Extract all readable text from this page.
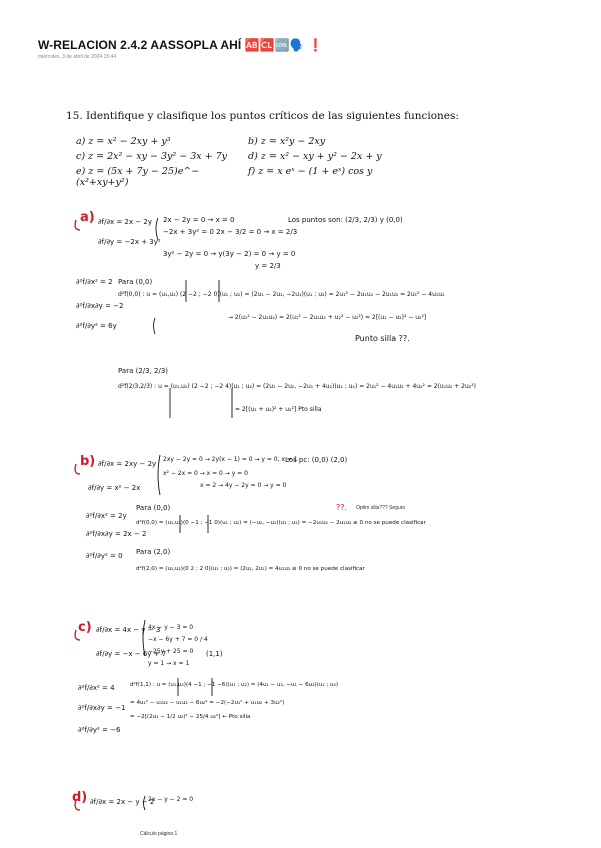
W-RELACION 2.4.2 AASSOPLA AHÍ 🆎🆑🆒🗣️ ❗
miércoles, 3 de abril de 2024 15:44
15. Identifique y clasifique los puntos críticos de las siguientes funciones:
a) z = x² − 2xy + y³	b) z = x²y − 2xy
c) z = 2x² − xy − 3y² − 3x + 7y	d) z = x² − xy + y² − 2x + y
e) z = (5x + 7y − 25)e^−(x²+xy+y²)
f) z = x eˣ − (1 + eˣ) cos y
a) ∂f/∂x = 2x − 2y
∂f/∂y = −2x + 3y²
2x − 2y = 0 → x = 0
−2x + 3y² = 0 2x − 3/2 = 0 → x = 2/3
3y² − 2y = 0 → y(3y − 2) = 0 → y = 0
y = 2/3
Los puntos son: (2/3, 2/3) y (0,0)
∂²f/∂x² = 2
∂²f/∂x∂y = −2
∂²f/∂y² = 6y
Para (0,0)
d²f(0,0) : u = (u₁,u₂) (2 −2 ; −2 0)(u₁ ; u₂) = (2u₁ − 2u₂, −2u₁)(u₁ ; u₂) = 2u₁² − 2u₁u₂ − 2u₁u₂ = 2u₁² − 4u₁u₂
→ 2(u₁² − 2u₁u₂) = 2(u₁² − 2u₁u₂ + u₂² − u₂²) = 2[(u₁ − u₂)² − u₂²]
Punto silla ??.
Para (2/3, 2/3)
d²f(2/3,2/3) : u = (u₁,u₂) (2 −2 ; −2 4)(u₁ ; u₂) = (2u₁ − 2u₂, −2u₁ + 4u₂)(u₁ ; u₂) = 2u₁² − 4u₁u₂ + 4u₂² = 2(u₁u₂ + 2u₂²)
= 2[(u₁ + u₂)² + u₂²] Pto silla
b) ∂f/∂x = 2xy − 2y
∂f/∂y = x² − 2x
2xy − 2y = 0 → 2y(x − 1) = 0 → y = 0, x = 1
x² − 2x = 0 → x = 0 → y = 0
x = 2 → 4y − 2y = 0 → y = 0
Los pc: (0,0) (2,0)
∂²f/∂x² = 2y
∂²f/∂x∂y = 2x − 2
∂²f/∂y² = 0
Para (0,0)
d²f(0,0) = (u₁,u₂)(0 −1 ; −1 0)(u₁ ; u₂) = (−u₂, −u₁)(u₁ ; u₂) = −2u₁u₂ − 2u₁u₂ ≥ 0 no se puede clasificar
??.
Para (2,0)
d²f(2,0) = (u₁,u₂)(0 2 ; 2 0)(u₁ ; u₂) = (2u₂, 2u₁) = 4u₁u₂ ≥ 0 no se puede clasificar
Optim silla??? Seguro
c) ∂f/∂x = 4x − y − 3
∂f/∂y = −x − 6y + 7
4x − y − 3 = 0
−x − 6y + 7 = 0 /·4
−25y + 25 = 0
y = 1 → x = 1
(1,1)
∂²f/∂x² = 4
∂²f/∂x∂y = −1
∂²f/∂y² = −6
d²f(1,1) : u = (u₁,u₂)(4 −1 ; −1 −6)(u₁ ; u₂) = (4u₁ − u₂, −u₁ − 6u₂)(u₁ ; u₂)
= 4u₁² − u₁u₂ − u₁u₂ − 6u₂² = −2(−2u₁² + u₁u₂ + 3u₂²)
= −2[(2u₁ − 1/2 u₂)² − 25/4 u₂²] ← Pto silla
d) ∂f/∂x = 2x − y − 2
2x − y − 2 = 0
Cálculo página 1
